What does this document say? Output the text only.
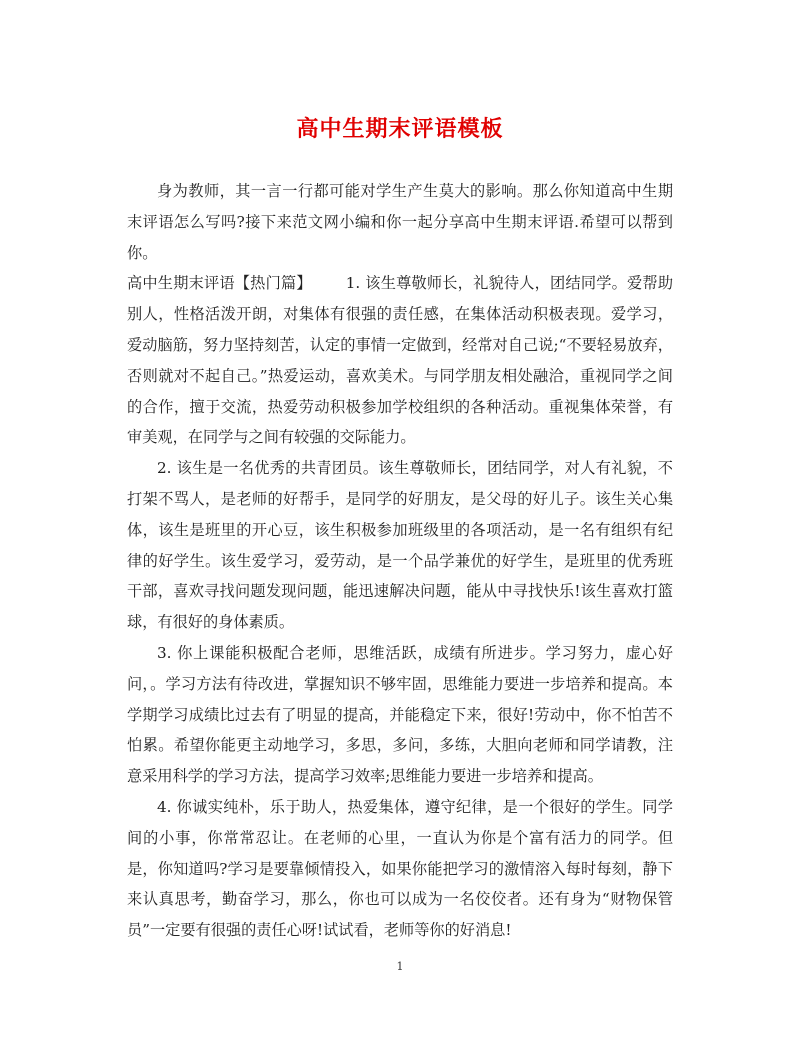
高中生期末评语模板

身为教师，其一言一行都可能对学生产生莫大的影响。那么你知道高中生期末评语怎么写吗?接下来范文网小编和你一起分享高中生期末评语.希望可以帮到你。

高中生期末评语【热门篇】 1. 该生尊敬师长，礼貌待人，团结同学。爱帮助别人，性格活泼开朗，对集体有很强的责任感，在集体活动积极表现。爱学习，爱动脑筋，努力坚持刻苦，认定的事情一定做到，经常对自己说;“不要轻易放弃，否则就对不起自己。”热爱运动，喜欢美术。与同学朋友相处融洽，重视同学之间的合作，擅于交流，热爱劳动积极参加学校组织的各种活动。重视集体荣誉，有审美观，在同学与之间有较强的交际能力。

2. 该生是一名优秀的共青团员。该生尊敬师长，团结同学，对人有礼貌，不打架不骂人，是老师的好帮手，是同学的好朋友，是父母的好儿子。该生关心集体，该生是班里的开心豆，该生积极参加班级里的各项活动，是一名有组织有纪律的好学生。该生爱学习，爱劳动，是一个品学兼优的好学生，是班里的优秀班干部，喜欢寻找问题发现问题，能迅速解决问题，能从中寻找快乐!该生喜欢打篮球，有很好的身体素质。

3. 你上课能积极配合老师，思维活跃，成绩有所进步。学习努力，虚心好问，。学习方法有待改进，掌握知识不够牢固，思维能力要进一步培养和提高。本学期学习成绩比过去有了明显的提高，并能稳定下来，很好!劳动中，你不怕苦不怕累。希望你能更主动地学习，多思，多问，多练，大胆向老师和同学请教，注意采用科学的学习方法，提高学习效率;思维能力要进一步培养和提高。

4. 你诚实纯朴，乐于助人，热爱集体，遵守纪律，是一个很好的学生。同学间的小事，你常常忍让。在老师的心里，一直认为你是个富有活力的同学。但是，你知道吗?学习是要靠倾情投入，如果你能把学习的激情溶入每时每刻，静下来认真思考，勤奋学习，那么，你也可以成为一名佼佼者。还有身为“财物保管员”一定要有很强的责任心呀!试试看，老师等你的好消息!

1
